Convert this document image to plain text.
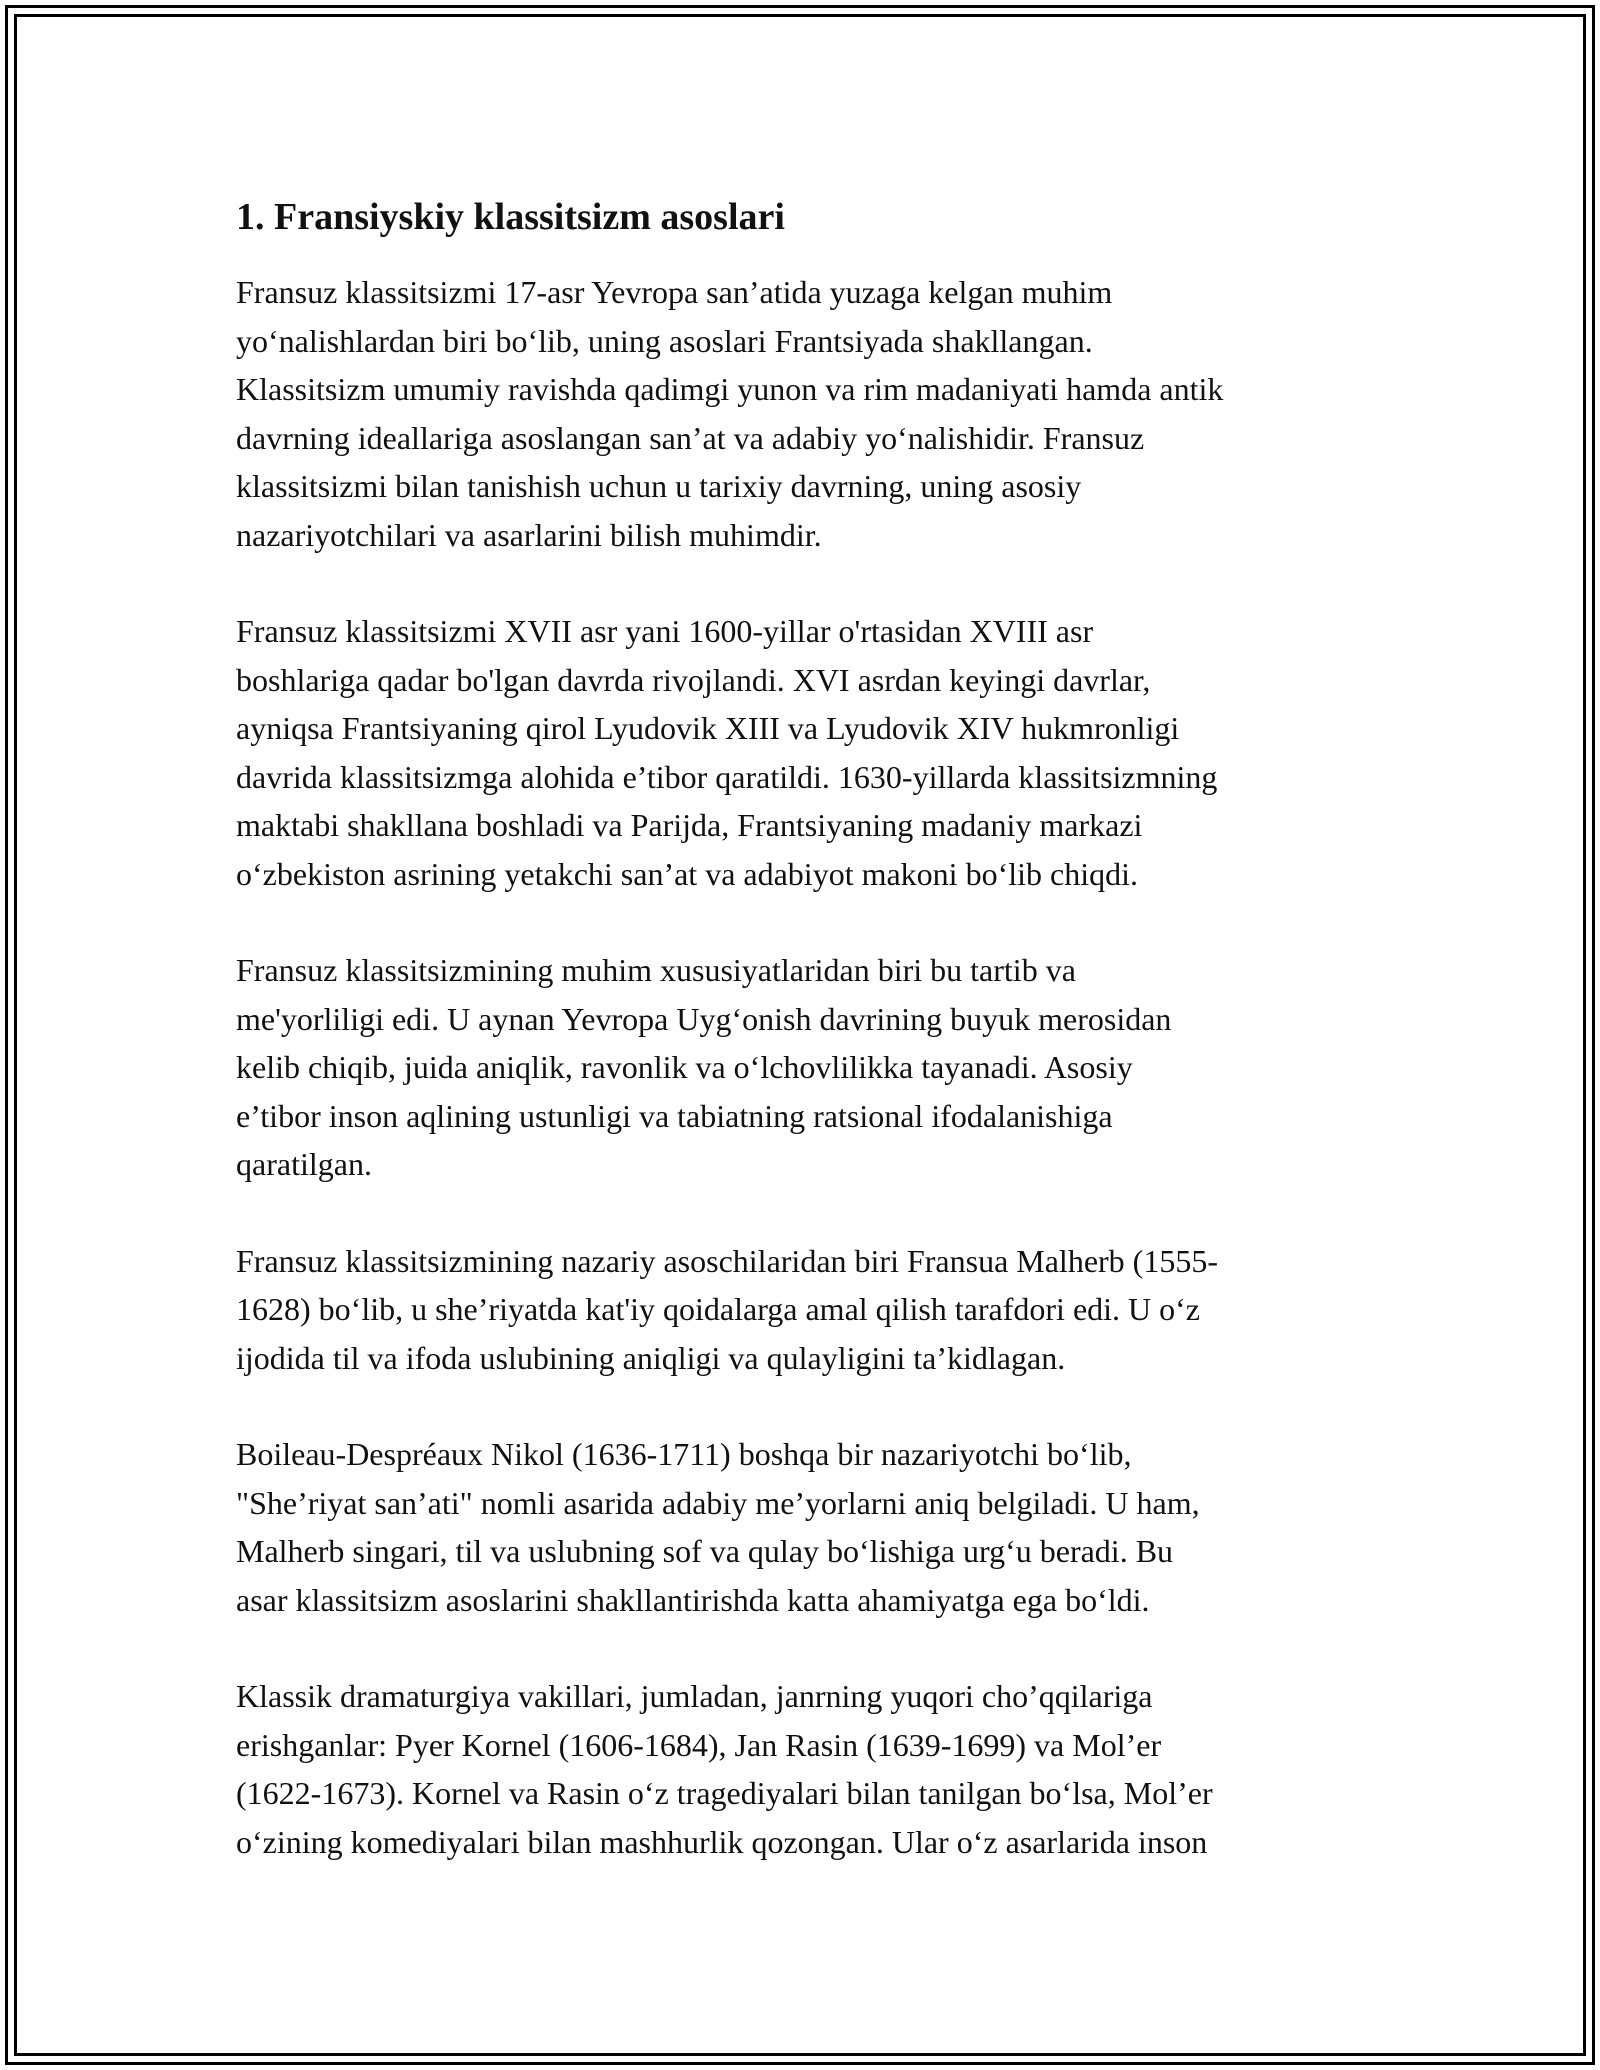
1. Fransiyskiy klassitsizm asoslari

Fransuz klassitsizmi 17-asr Yevropa san’atida yuzaga kelgan muhim
yo‘nalishlardan biri bo‘lib, uning asoslari Frantsiyada shakllangan.
Klassitsizm umumiy ravishda qadimgi yunon va rim madaniyati hamda antik
davrning ideallariga asoslangan san’at va adabiy yo‘nalishidir. Fransuz
klassitsizmi bilan tanishish uchun u tarixiy davrning, uning asosiy
nazariyotchilari va asarlarini bilish muhimdir.

Fransuz klassitsizmi XVII asr yani 1600-yillar o'rtasidan XVIII asr
boshlariga qadar bo'lgan davrda rivojlandi. XVI asrdan keyingi davrlar,
ayniqsa Frantsiyaning qirol Lyudovik XIII va Lyudovik XIV hukmronligi
davrida klassitsizmga alohida e’tibor qaratildi. 1630-yillarda klassitsizmning
maktabi shakllana boshladi va Parijda, Frantsiyaning madaniy markazi
o‘zbekiston asrining yetakchi san’at va adabiyot makoni bo‘lib chiqdi.

Fransuz klassitsizmining muhim xususiyatlaridan biri bu tartib va
me'yorliligi edi. U aynan Yevropa Uyg‘onish davrining buyuk merosidan
kelib chiqib, juida aniqlik, ravonlik va o‘lchovlilikka tayanadi. Asosiy
e’tibor inson aqlining ustunligi va tabiatning ratsional ifodalanishiga
qaratilgan.

Fransuz klassitsizmining nazariy asoschilaridan biri Fransua Malherb (1555-
1628) bo‘lib, u she’riyatda kat'iy qoidalarga amal qilish tarafdori edi. U o‘z
ijodida til va ifoda uslubining aniqligi va qulayligini ta’kidlagan.

Boileau-Despréaux Nikol (1636-1711) boshqa bir nazariyotchi bo‘lib,
"She’riyat san’ati" nomli asarida adabiy me’yorlarni aniq belgiladi. U ham,
Malherb singari, til va uslubning sof va qulay bo‘lishiga urg‘u beradi. Bu
asar klassitsizm asoslarini shakllantirishda katta ahamiyatga ega bo‘ldi.

Klassik dramaturgiya vakillari, jumladan, janrning yuqori cho’qqilariga
erishganlar: Pyer Kornel (1606-1684), Jan Rasin (1639-1699) va Mol’er
(1622-1673). Kornel va Rasin o‘z tragediyalari bilan tanilgan bo‘lsa, Mol’er
o‘zining komediyalari bilan mashhurlik qozongan. Ular o‘z asarlarida inson
